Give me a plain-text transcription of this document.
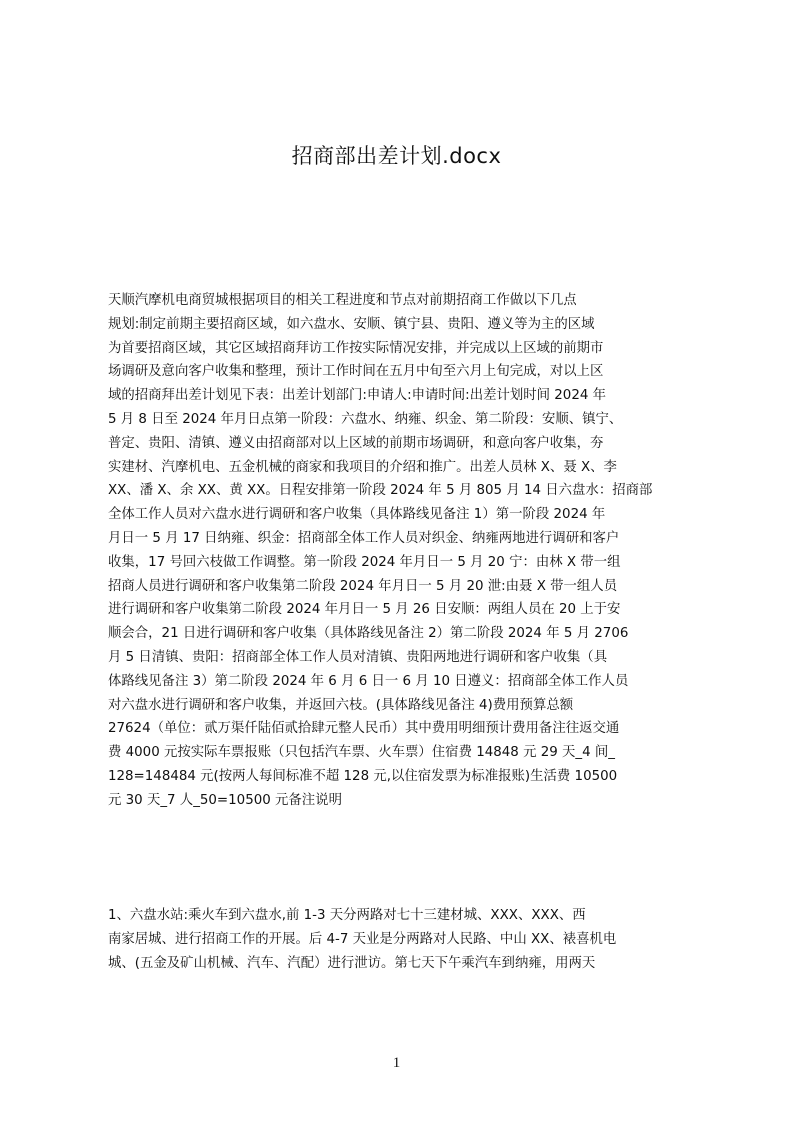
招商部出差计划.docx
天顺汽摩机电商贸城根据项目的相关工程进度和节点对前期招商工作做以下几点
规划:制定前期主要招商区域，如六盘水、安顺、镇宁县、贵阳、遵义等为主的区域
为首要招商区域，其它区域招商拜访工作按实际情况安排，并完成以上区域的前期市
场调研及意向客户收集和整理，预计工作时间在五月中旬至六月上旬完成，对以上区
域的招商拜出差计划见下表：出差计划部门:申请人:申请时间:出差计划时间 2024 年
5 月 8 日至 2024 年月日点第一阶段：六盘水、纳雍、织金、第二阶段：安顺、镇宁、
普定、贵阳、清镇、遵义由招商部对以上区域的前期市场调研，和意向客户收集，夯
实建材、汽摩机电、五金机械的商家和我项目的介绍和推广。出差人员林 X、聂 X、李
XX、潘 X、余 XX、黄 XX。日程安排第一阶段 2024 年 5 月 805 月 14 日六盘水：招商部
全体工作人员对六盘水进行调研和客户收集（具体路线见备注 1）第一阶段 2024 年
月日一 5 月 17 日纳雍、织金：招商部全体工作人员对织金、纳雍两地进行调研和客户
收集，17 号回六枝做工作调整。第一阶段 2024 年月日一 5 月 20 宁：由林 X 带一组
招商人员进行调研和客户收集第二阶段 2024 年月日一 5 月 20 泄:由聂 X 带一组人员
进行调研和客户收集第二阶段 2024 年月日一 5 月 26 日安顺：两组人员在 20 上于安
顺会合，21 日进行调研和客户收集（具体路线见备注 2）第二阶段 2024 年 5 月 2706
月 5 日清镇、贵阳：招商部全体工作人员对清镇、贵阳两地进行调研和客户收集（具
体路线见备注 3）第二阶段 2024 年 6 月 6 日一 6 月 10 日遵义：招商部全体工作人员
对六盘水进行调研和客户收集，并返回六枝。(具体路线见备注 4)费用预算总额
27624（单位：贰万渠仟陆佰贰拾肆元整人民币）其中费用明细预计费用备注往返交通
费 4000 元按实际车票报账（只包括汽车票、火车票）住宿费 14848 元 29 天_4 间_
128=148484 元(按两人每间标准不超 128 元,以住宿发票为标准报账)生活费 10500
元 30 天_7 人_50=10500 元备注说明
1、六盘水站:乘火车到六盘水,前 1-3 天分两路对七十三建材城、XXX、XXX、西
南家居城、进行招商工作的开展。后 4-7 天业是分两路对人民路、中山 XX、裱喜机电
城、(五金及矿山机械、汽车、汽配）进行泄访。第七天下午乘汽车到纳雍，用两天
1
